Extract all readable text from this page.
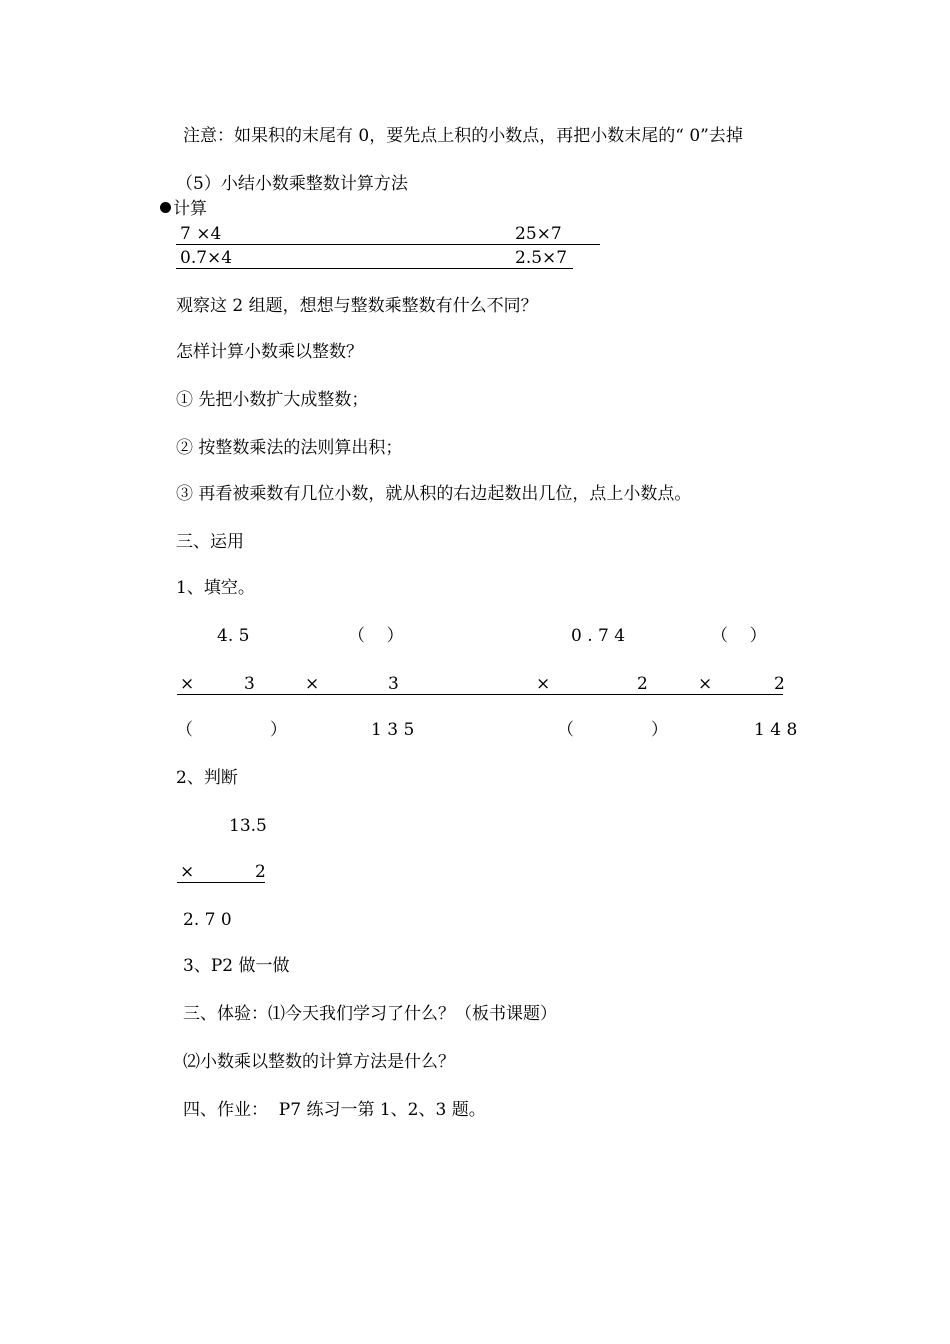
注意：如果积的末尾有 0，要先点上积的小数点，再把小数末尾的“ 0”去掉
（5）小结小数乘整数计算方法
计算
7 ×4	25×7
0.7×4	2.5×7
观察这 2 组题，想想与整数乘整数有什么不同？
怎样计算小数乘以整数？
① 先把小数扩大成整数；
② 按整数乘法的法则算出积；
③ 再看被乘数有几位小数，就从积的右边起数出几位，点上小数点。
三、运用
1、填空。
4. 5	（    ）	0 . 7 4	（    ）
×	3	×	3	×	2	×	2
（	）	1 3 5	（	）	1 4 8
2、判断
13.5
×	2
2. 7 0
3、P2 做一做
三、体验：⑴今天我们学习了什么？（板书课题）
⑵小数乘以整数的计算方法是什么？
四、作业：  P7 练习一第 1、2、3 题。
